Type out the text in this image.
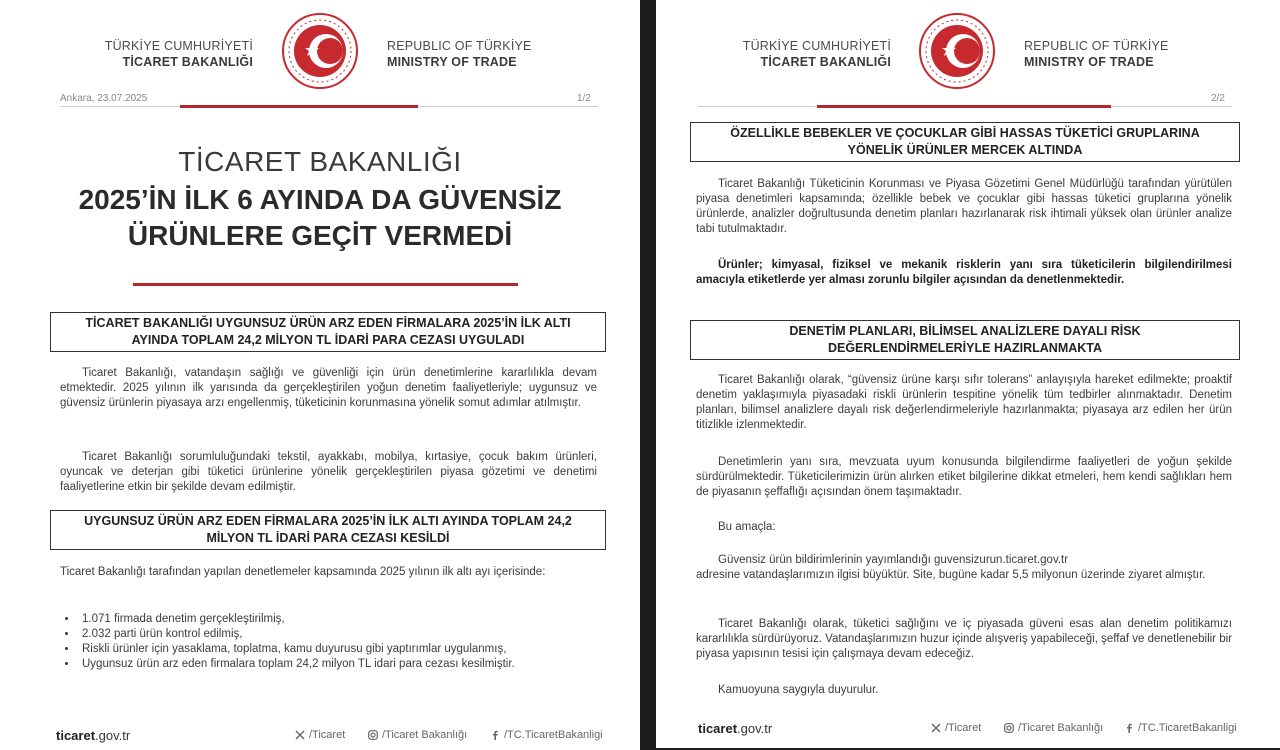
TÜRKİYE CUMHURİYETİ
TİCARET BAKANLIĞI
REPUBLIC OF TÜRKİYE
MINISTRY OF TRADE
Ankara, 23.07.2025	1/2
TİCARET BAKANLIĞI
2025’İN İLK 6 AYINDA DA GÜVENSİZ
ÜRÜNLERE GEÇİT VERMEDİ
TİCARET BAKANLIĞI UYGUNSUZ ÜRÜN ARZ EDEN FİRMALARA 2025’İN İLK ALTI
AYINDA TOPLAM 24,2 MİLYON TL İDARİ PARA CEZASI UYGULADI
Ticaret Bakanlığı, vatandaşın sağlığı ve güvenliği için ürün denetimlerine kararlılıkla devam etmektedir. 2025 yılının ilk yarısında da gerçekleştirilen yoğun denetim faaliyetleriyle; uygunsuz ve güvensiz ürünlerin piyasaya arzı engellenmiş, tüketicinin korunmasına yönelik somut adımlar atılmıştır.
Ticaret Bakanlığı sorumluluğundaki tekstil, ayakkabı, mobilya, kırtasiye, çocuk bakım ürünleri, oyuncak ve deterjan gibi tüketici ürünlerine yönelik gerçekleştirilen piyasa gözetimi ve denetimi faaliyetlerine etkin bir şekilde devam edilmiştir.
UYGUNSUZ ÜRÜN ARZ EDEN FİRMALARA 2025’İN İLK ALTI AYINDA TOPLAM 24,2
MİLYON TL İDARİ PARA CEZASI KESİLDİ
Ticaret Bakanlığı tarafından yapılan denetlemeler kapsamında 2025 yılının ilk altı ayı içerisinde:
• 1.071 firmada denetim gerçekleştirilmiş,
• 2.032 parti ürün kontrol edilmiş,
• Riskli ürünler için yasaklama, toplatma, kamu duyurusu gibi yaptırımlar uygulanmış,
• Uygunsuz ürün arz eden firmalara toplam 24,2 milyon TL idari para cezası kesilmiştir.
ticaret.gov.tr	/Ticaret	/Ticaret Bakanlığı	/TC.TicaretBakanligi
TÜRKİYE CUMHURİYETİ
TİCARET BAKANLIĞI
REPUBLIC OF TÜRKİYE
MINISTRY OF TRADE
2/2
ÖZELLİKLE BEBEKLER VE ÇOCUKLAR GİBİ HASSAS TÜKETİCİ GRUPLARINA
YÖNELİK ÜRÜNLER MERCEK ALTINDA
Ticaret Bakanlığı Tüketicinin Korunması ve Piyasa Gözetimi Genel Müdürlüğü tarafından yürütülen piyasa denetimleri kapsamında; özellikle bebek ve çocuklar gibi hassas tüketici gruplarına yönelik ürünlerde, analizler doğrultusunda denetim planları hazırlanarak risk ihtimali yüksek olan ürünler analize tabi tutulmaktadır.
Ürünler; kimyasal, fiziksel ve mekanik risklerin yanı sıra tüketicilerin bilgilendirilmesi amacıyla etiketlerde yer alması zorunlu bilgiler açısından da denetlenmektedir.
DENETİM PLANLARI, BİLİMSEL ANALİZLERE DAYALI RİSK
DEĞERLENDİRMELERİYLE HAZIRLANMAKTA
Ticaret Bakanlığı olarak, “güvensiz ürüne karşı sıfır tolerans” anlayışıyla hareket edilmekte; proaktif denetim yaklaşımıyla piyasadaki riskli ürünlerin tespitine yönelik tüm tedbirler alınmaktadır. Denetim planları, bilimsel analizlere dayalı risk değerlendirmeleriyle hazırlanmakta; piyasaya arz edilen her ürün titizlikle izlenmektedir.
Denetimlerin yanı sıra, mevzuata uyum konusunda bilgilendirme faaliyetleri de yoğun şekilde sürdürülmektedir. Tüketicilerimizin ürün alırken etiket bilgilerine dikkat etmeleri, hem kendi sağlıkları hem de piyasanın şeffaflığı açısından önem taşımaktadır.
Bu amaçla:
Güvensiz ürün bildirimlerinin yayımlandığı guvensizurun.ticaret.gov.tr
adresine vatandaşlarımızın ilgisi büyüktür. Site, bugüne kadar 5,5 milyonun üzerinde ziyaret almıştır.
Ticaret Bakanlığı olarak, tüketici sağlığını ve iç piyasada güveni esas alan denetim politikamızı kararlılıkla sürdürüyoruz. Vatandaşlarımızın huzur içinde alışveriş yapabileceği, şeffaf ve denetlenebilir bir piyasa yapısının tesisi için çalışmaya devam edeceğiz.
Kamuoyuna saygıyla duyurulur.
ticaret.gov.tr	/Ticaret	/Ticaret Bakanlığı	/TC.TicaretBakanligi
